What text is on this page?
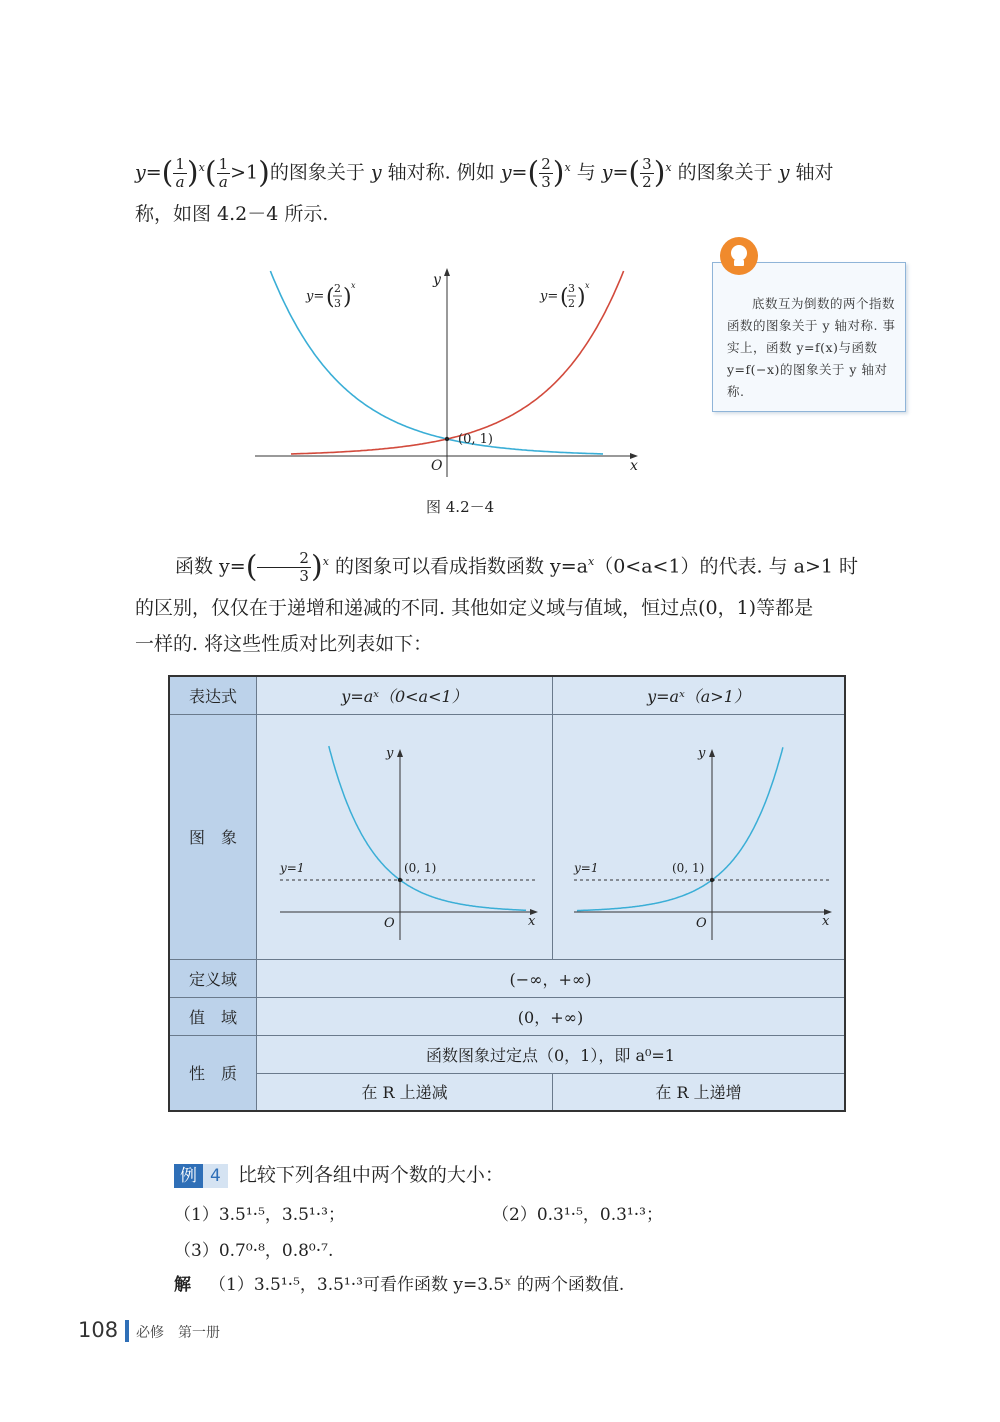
$y=( \frac{1}{a} )^x( \frac{1}{a} >1)$的图象关于 y 轴对称. 例如 $y=( \frac{2}{3} )^x$ 与 $y=( \frac{3}{2} )^x$ 的图象关于 y 轴对
称，如图 4.2－4 所示.
(0, 1)
x
y
O
y= ( 2
3 ) x
y= ( 3
2 ) x
图 4.2－4
底数互为倒数的两个指数函数的图象关于 y 轴对称. 事实上，函数 y=f(x)与函数 y=f(−x)的图象关于 y 轴对称.
函数 $y=( \frac{2}{3} )^x$ 的图象可以看成指数函数 $y=a^x(0<a<1)$的代表. 与 a>1 时
的区别，仅仅在于递增和递减的不同. 其他如定义域与值域，恒过点(0，1)等都是
一样的. 将这些性质对比列表如下：
表达式	y=aˣ（0<a<1）	y=aˣ（a>1）
图　象	y=1 (0, 1)
x
y
O	y=1 (0, 1)
x
y
O

定义域	(−∞，+∞)	
值　域	(0，+∞)	
性　质	函数图象过定点（0，1），即 a⁰=1	
	在 R 上递减	在 R 上递增
例 4 比较下列各组中两个数的大小：
（1）3.5¹·⁵，3.5¹·³；	（2）0.3¹·⁵，0.3¹·³；
（3）0.7⁰·⁸，0.8⁰·⁷.
解 （1）3.5¹·⁵，3.5¹·³可看作函数 y=3.5ˣ 的两个函数值.
108 必修　第一册
